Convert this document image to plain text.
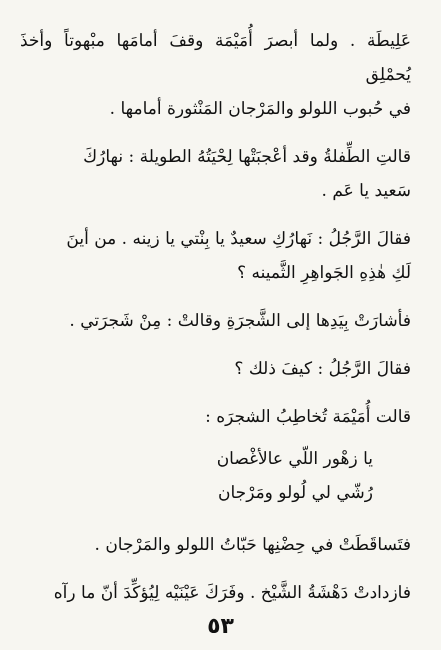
عَلِيطَة . ولما أبصرَ أُمَيْمَة وقفَ أمامَها مبْهوتاً وأخذَ يُحمْلِق
في حُبوب اللولو والمَرْجان المَنْثورة أمامها .

قالتِ الطِّفلةُ وقد أعْجبَتْها لِحْيَتُهُ الطويلة : نهارُكَ
سَعيد يا عَم .

فقالَ الرَّجُلُ : نَهارُكِ سعيدٌ يا بِنْتي يا زينه . من أينَ
لَكِ هٰذِهِ الجَواهِرِ الثَّمينه ؟

فأشارَتْ بِيَدِها إلى الشَّجرَةِ وقالتْ : مِنْ شَجرَتي .

فقالَ الرَّجُلُ : كيفَ ذلك ؟

قالت أُمَيْمَة تُخاطِبُ الشجرَه :

يا زهْور اللّي عالأغْصان
رُشّي لي لُولو ومَرْجان

فتَساقَطَتْ في حِضْنِها حَبّاتُ اللولو والمَرْجان .

فازدادتْ دَهْشَةُ الشَّيْخ . وفَرَكَ عَيْنَيْه لِيُؤكِّدَ أنّ ما رآه

٥٣
